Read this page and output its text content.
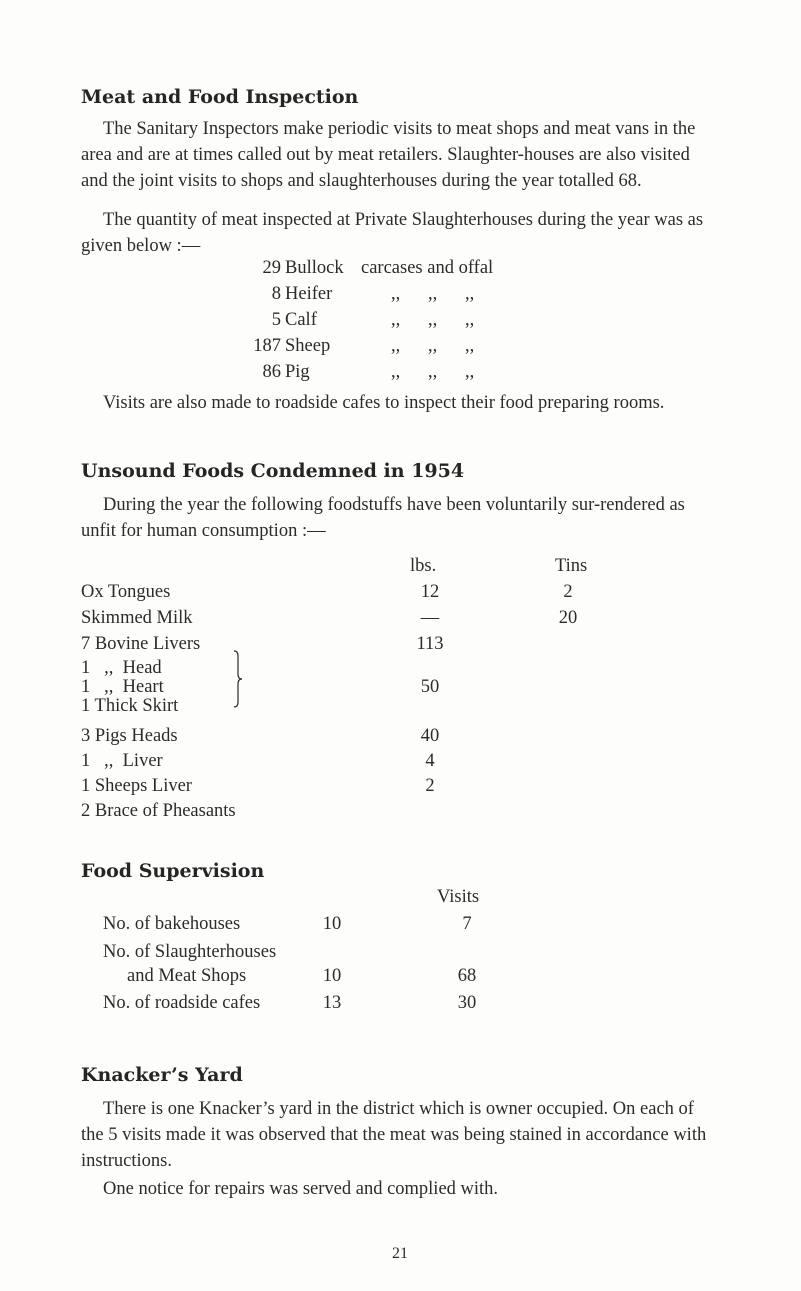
Meat and Food Inspection

The Sanitary Inspectors make periodic visits to meat shops and meat vans in the area and are at times called out by meat retailers. Slaughter-houses are also visited and the joint visits to shops and slaughterhouses during the year totalled 68.

The quantity of meat inspected at Private Slaughterhouses during the year was as given below :—

29 Bullock carcases and offal
8 Heifer	,,      ,,      ,,
5 Calf	,,      ,,      ,,
187 Sheep	,,      ,,      ,,
86 Pig	,,      ,,      ,,

Visits are also made to roadside cafes to inspect their food preparing rooms.

Unsound Foods Condemned in 1954

During the year the following foodstuffs have been voluntarily sur-rendered as unfit for human consumption :—

lbs.	Tins
Ox Tongues	12	2
Skimmed Milk	—	20
7 Bovine Livers	113
1   ,,  Head
1   ,,  Heart	50
1 Thick Skirt
3 Pigs Heads	40
1   ,,  Liver	4
1 Sheeps Liver	2
2 Brace of Pheasants
Food Supervision
Visits
No. of bakehouses	10	7
No. of Slaughterhouses
and Meat Shops	10	68
No. of roadside cafes	13	30
Knacker’s Yard

There is one Knacker’s yard in the district which is owner occupied. On each of the 5 visits made it was observed that the meat was being stained in accordance with instructions.

One notice for repairs was served and complied with.

21
